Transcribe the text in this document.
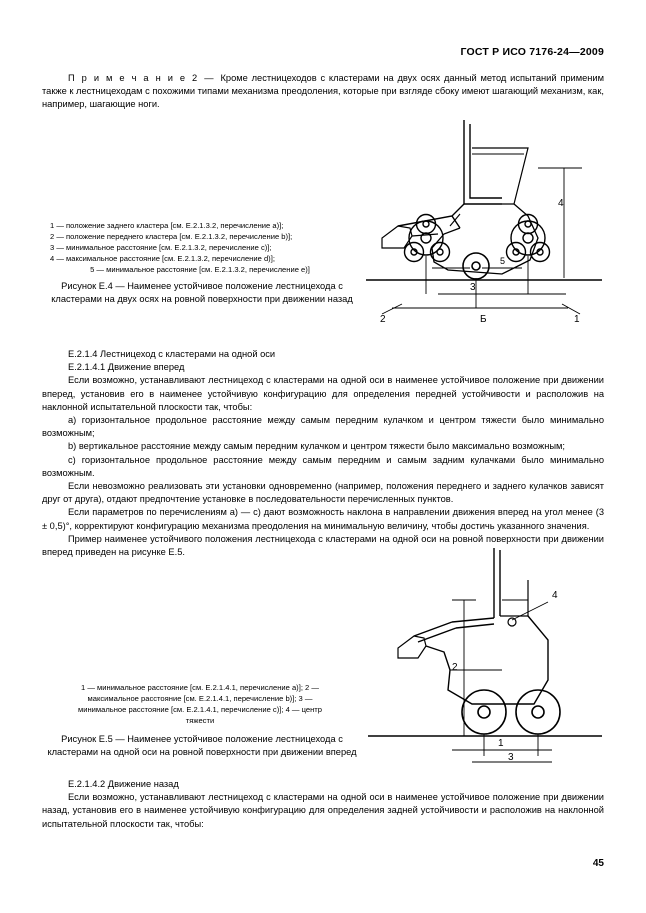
ГОСТ Р ИСО 7176-24—2009

П р и м е ч а н и е 2 — Кроме лестницеходов с кластерами на двух осях данный метод испытаний применим также к лестницеходам с похожими типами механизма преодоления, которые при взгляде сбоку имеют шагающий механизм, как, например, шагающие ноги.

4
3
Б
2	1
5

1 — положение заднего кластера [см. Е.2.1.3.2, перечисление a)];

2 — положение переднего кластера [см. Е.2.1.3.2, перечисление b)];

3 — минимальное расстояние [см. Е.2.1.3.2, перечисление c)];

4 — максимальное расстояние [см. Е.2.1.3.2, перечисление d)];

5 — минимальное расстояние [см. Е.2.1.3.2, перечисление e)]

Рисунок Е.4 — Наименее устойчивое положение лестницехода с кластерами на двух осях на ровной поверхности при движении назад

Е.2.1.4 Лестницеход с кластерами на одной оси

Е.2.1.4.1 Движение вперед

Если возможно, устанавливают лестницеход с кластерами на одной оси в наименее устойчивое положение при движении вперед, установив его в наименее устойчивую конфигурацию для определения передней устойчивости и расположив на наклонной испытательной плоскости так, чтобы:

a) горизонтальное продольное расстояние между самым передним кулачком и центром тяжести было минимально возможным;

b) вертикальное расстояние между самым передним кулачком и центром тяжести было максимально возможным;

c) горизонтальное продольное расстояние между самым передним и самым задним кулачками было минимально возможным.

Если невозможно реализовать эти установки одновременно (например, положения переднего и заднего кулачков зависят друг от друга), отдают предпочтение установке в последовательности перечисленных пунктов.

Если параметров по перечислениям a) — c) дают возможность наклона в направлении движения вперед на угол менее (3 ± 0,5)°, корректируют конфигурацию механизма преодоления на минимальную величину, чтобы достичь указанного значения.

Пример наименее устойчивого положения лестницехода с кластерами на одной оси на ровной поверхности при движении вперед приведен на рисунке Е.5.

2
1
3
4

1 — минимальное расстояние [см. Е.2.1.4.1, перечисление a)]; 2 —

максимальное расстояние [см. Е.2.1.4.1, перечисление b)]; 3 —

минимальное расстояние [см. Е.2.1.4.1, перечисление c)]; 4 — центр

тяжести

Рисунок Е.5 — Наименее устойчивое положение лестницехода с кластерами на одной оси на ровной поверхности при движении вперед

Е.2.1.4.2 Движение назад

Если возможно, устанавливают лестницеход с кластерами на одной оси в наименее устойчивое положение при движении назад, установив его в наименее устойчивую конфигурацию для определения задней устойчивости и расположив на наклонной испытательной плоскости так, чтобы:

45
